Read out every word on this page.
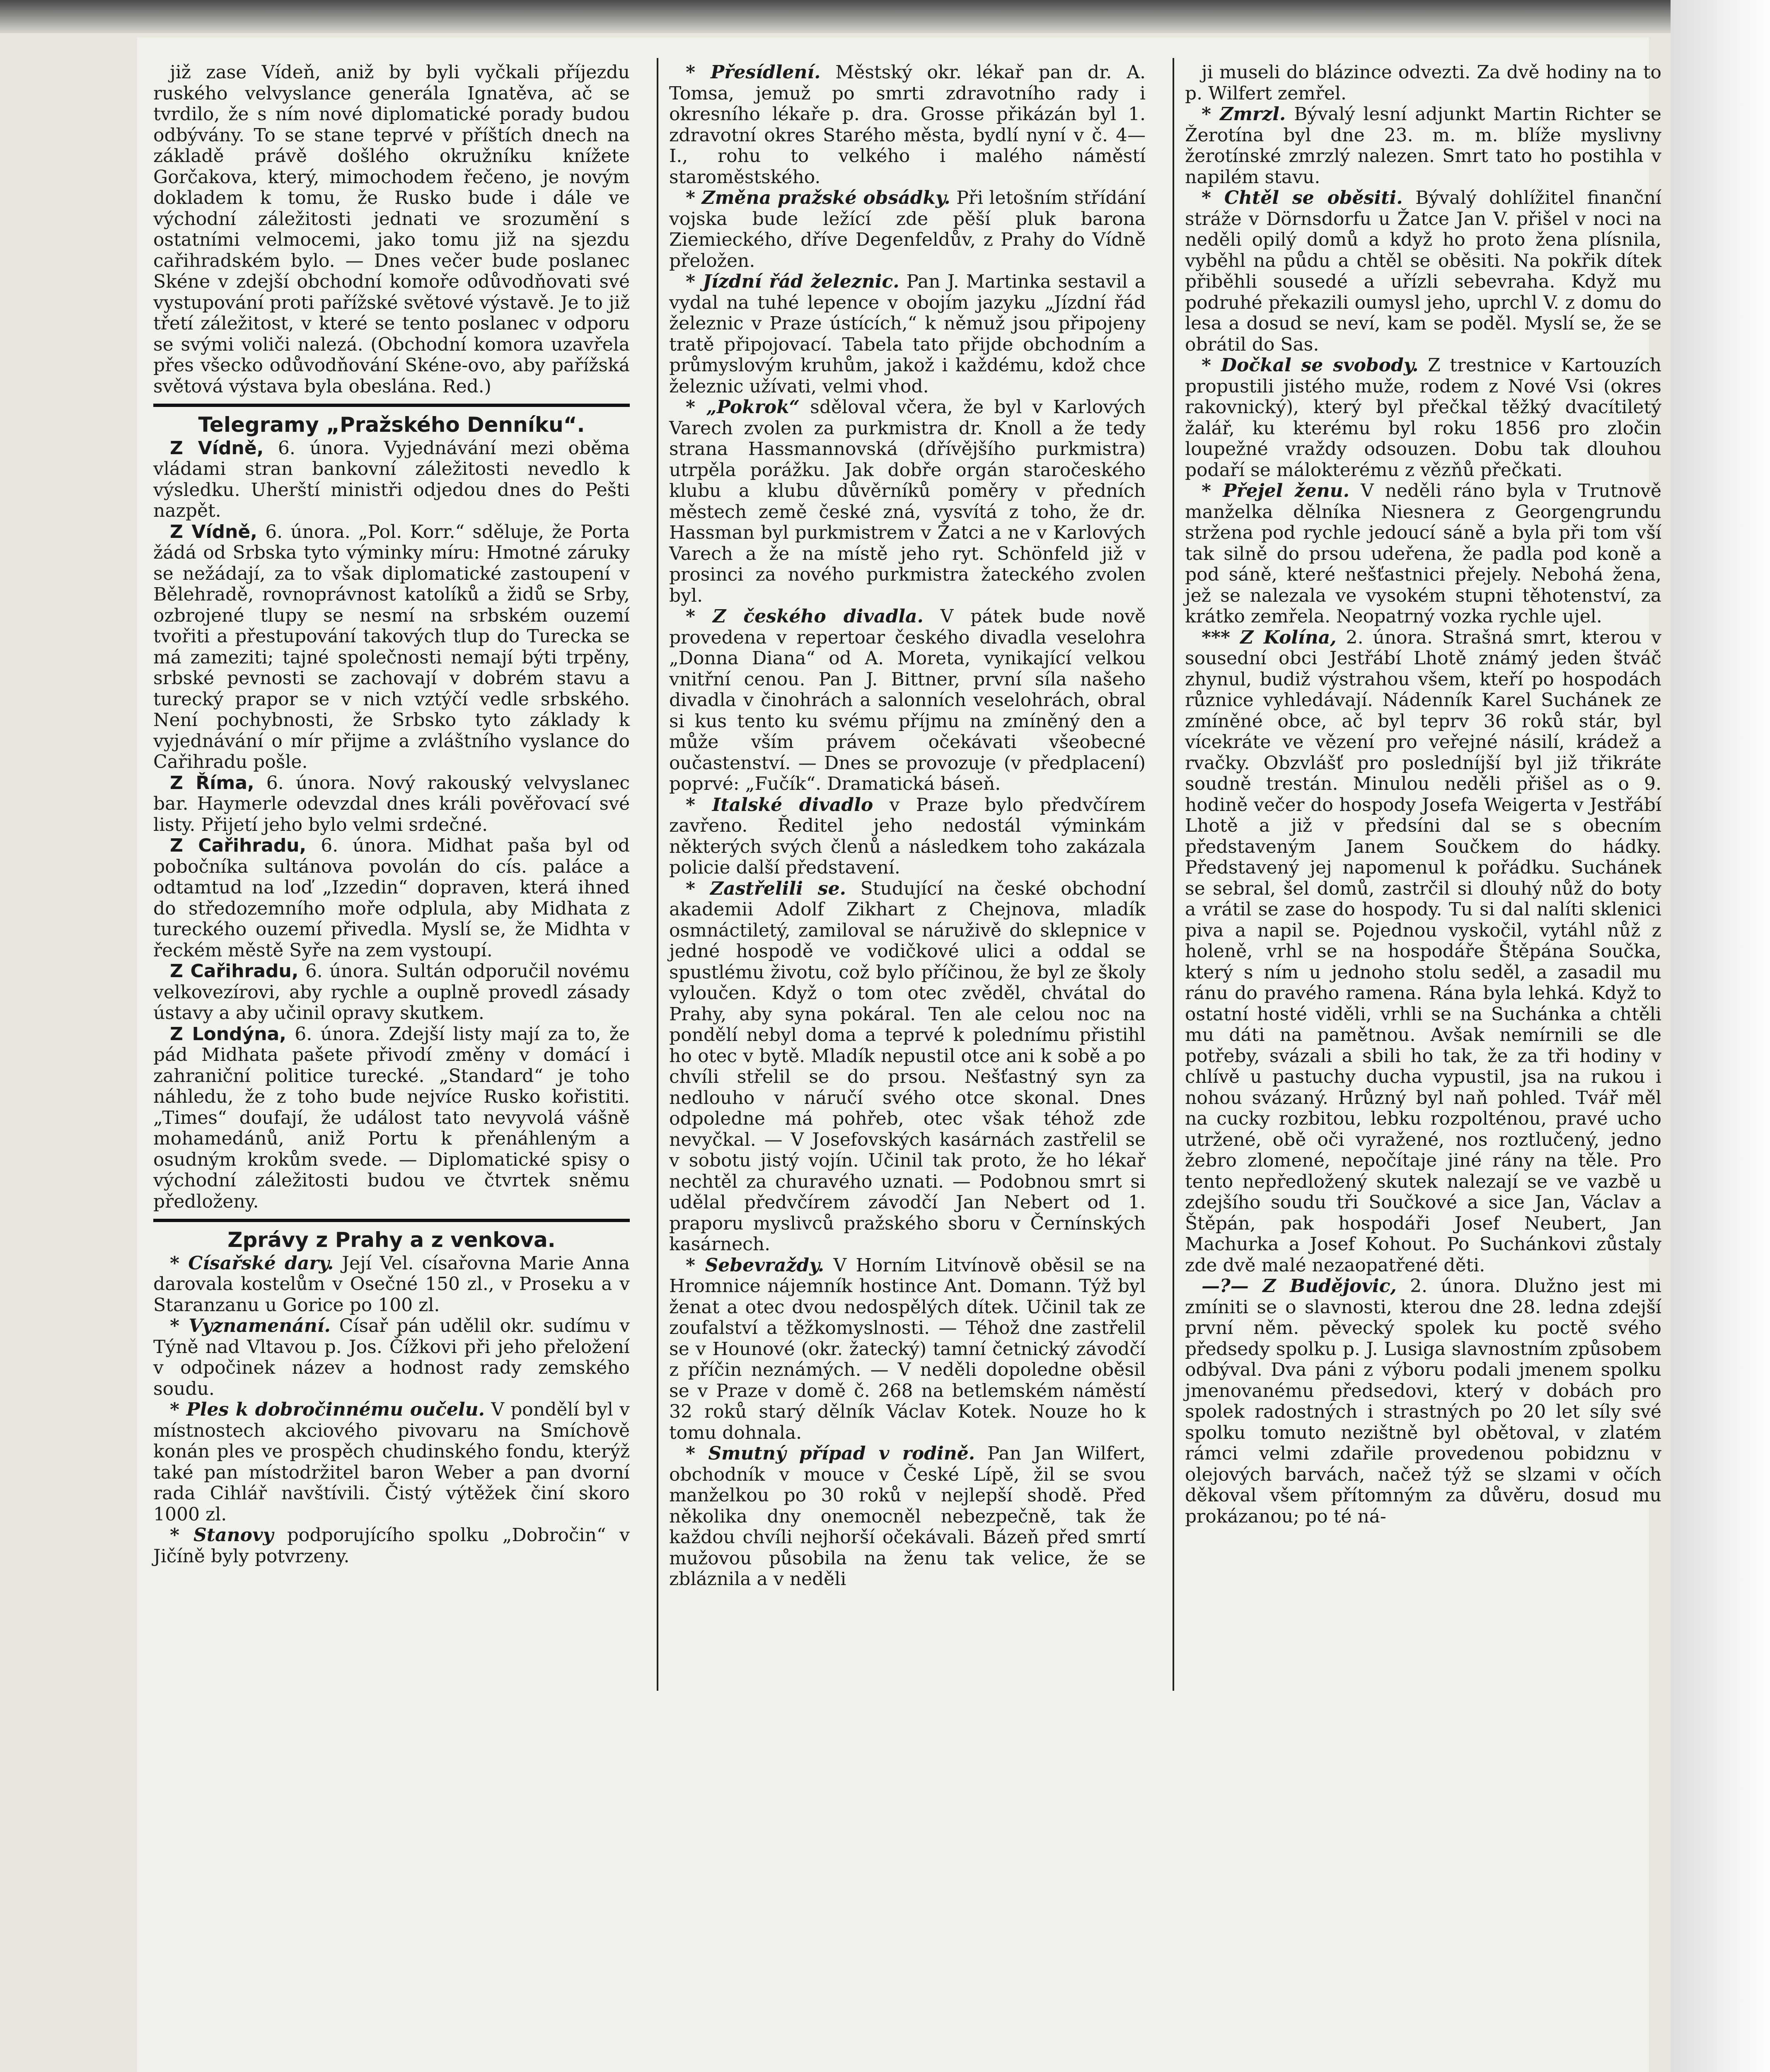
již zase Vídeň, aniž by byli vyčkali příjezdu ruského velvyslance generála Ignatěva, ač se tvrdilo, že s ním nové diplomatické porady budou odbývány. To se stane teprvé v příštích dnech na základě právě došlého okružníku knížete Gorčakova, který, mimochodem řečeno, je novým dokladem k tomu, že Rusko bude i dále ve východní záležitosti jednati ve srozumění s ostatními velmocemi, jako tomu již na sjezdu cařihradském bylo. — Dnes večer bude poslanec Skéne v zdejší obchodní komoře odůvodňovati své vystupování proti pařížské světové výstavě. Je to již třetí záležitost, v které se tento poslanec v odporu se svými voliči nalezá. (Obchodní komora uzavřela přes všecko odůvodňování Skéne-ovo, aby pařížská světová výstava byla obeslána. Red.)

Telegramy „Pražského Denníku“.

Z Vídně, 6. února. Vyjednávání mezi oběma vládami stran bankovní záležitosti nevedlo k výsledku. Uherští ministři odjedou dnes do Pešti nazpět.

Z Vídně, 6. února. „Pol. Korr.“ sděluje, že Porta žádá od Srbska tyto výminky míru: Hmotné záruky se nežádají, za to však diplomatické zastoupení v Bělehradě, rovnoprávnost katolíků a židů se Srby, ozbrojené tlupy se nesmí na srbském ouzemí tvořiti a přestupování takových tlup do Turecka se má zameziti; tajné společnosti nemají býti trpěny, srbské pevnosti se zachovají v dobrém stavu a turecký prapor se v nich vztýčí vedle srbského. Není pochybnosti, že Srbsko tyto základy k vyjednávání o mír přijme a zvláštního vyslance do Cařihradu pošle.

Z Říma, 6. února. Nový rakouský velvyslanec bar. Haymerle odevzdal dnes králi pověřovací své listy. Přijetí jeho bylo velmi srdečné.

Z Cařihradu, 6. února. Midhat paša byl od pobočníka sultánova povolán do cís. paláce a odtamtud na loď „Izzedin“ dopraven, která ihned do středozemního moře odplula, aby Midhata z tureckého ouzemí přivedla. Myslí se, že Midhta v řeckém městě Syře na zem vystoupí.

Z Cařihradu, 6. února. Sultán odporučil novému velkovezírovi, aby rychle a ouplně provedl zásady ústavy a aby učinil opravy skutkem.

Z Londýna, 6. února. Zdejší listy mají za to, že pád Midhata pašete přivodí změny v domácí i zahraniční politice turecké. „Standard“ je toho náhledu, že z toho bude nejvíce Rusko kořistiti. „Times“ doufají, že událost tato nevyvolá vášně mohamedánů, aniž Portu k přenáhleným a osudným krokům svede. — Diplomatické spisy o východní záležitosti budou ve čtvrtek sněmu předloženy.

Zprávy z Prahy a z venkova.

* Císařské dary. Její Vel. císařovna Marie Anna darovala kostelům v Osečné 150 zl., v Proseku a v Staranzanu u Gorice po 100 zl.

* Vyznamenání. Císař pán udělil okr. sudímu v Týně nad Vltavou p. Jos. Čížkovi při jeho přeložení v odpočinek název a hodnost rady zemského soudu.

* Ples k dobročinnému oučelu. V pondělí byl v místnostech akciového pivovaru na Smíchově konán ples ve prospěch chudinského fondu, kterýž také pan místodržitel baron Weber a pan dvorní rada Cihlář navštívili. Čistý výtěžek činí skoro 1000 zl.

* Stanovy podporujícího spolku „Dobročin“ v Jičíně byly potvrzeny.

* Přesídlení. Městský okr. lékař pan dr. A. Tomsa, jemuž po smrti zdravotního rady i okresního lékaře p. dra. Grosse přikázán byl 1. zdravotní okres Starého města, bydlí nyní v č. 4—I., rohu to velkého i malého náměstí staroměstského.

* Změna pražské obsádky. Při letošním střídání vojska bude ležící zde pěší pluk barona Ziemieckého, dříve Degenfeldův, z Prahy do Vídně přeložen.

* Jízdní řád železnic. Pan J. Martinka sestavil a vydal na tuhé lepence v obojím jazyku „Jízdní řád železnic v Praze ústících,“ k němuž jsou připojeny tratě připojovací. Tabela tato přijde obchodním a průmyslovým kruhům, jakož i každému, kdož chce železnic užívati, velmi vhod.

* „Pokrok“ sděloval včera, že byl v Karlových Varech zvolen za purkmistra dr. Knoll a že tedy strana Hassmannovská (dřívějšího purkmistra) utrpěla porážku. Jak dobře orgán staročeského klubu a klubu důvěrníků poměry v předních městech země české zná, vysvítá z toho, že dr. Hassman byl purkmistrem v Žatci a ne v Karlových Varech a že na místě jeho ryt. Schönfeld již v prosinci za nového purkmistra žateckého zvolen byl.

* Z českého divadla. V pátek bude nově provedena v repertoar českého divadla veselohra „Donna Diana“ od A. Moreta, vynikající velkou vnitřní cenou. Pan J. Bittner, první síla našeho divadla v činohrách a salonních veselohrách, obral si kus tento ku svému příjmu na zmíněný den a může vším právem očekávati všeobecné oučastenství. — Dnes se provozuje (v předplacení) poprvé: „Fučík“. Dramatická báseň.

* Italské divadlo v Praze bylo předvčírem zavřeno. Ředitel jeho nedostál výminkám některých svých členů a následkem toho zakázala policie další představení.

* Zastřelili se. Studující na české obchodní akademii Adolf Zikhart z Chejnova, mladík osmnáctiletý, zamiloval se náruživě do sklepnice v jedné hospodě ve vodičkové ulici a oddal se spustlému životu, což bylo příčinou, že byl ze školy vyloučen. Když o tom otec zvěděl, chvátal do Prahy, aby syna pokáral. Ten ale celou noc na pondělí nebyl doma a teprvé k polednímu přistihl ho otec v bytě. Mladík nepustil otce ani k sobě a po chvíli střelil se do prsou. Nešťastný syn za nedlouho v náručí svého otce skonal. Dnes odpoledne má pohřeb, otec však téhož zde nevyčkal. — V Josefovských kasárnách zastřelil se v sobotu jistý vojín. Učinil tak proto, že ho lékař nechtěl za churavého uznati. — Podobnou smrt si udělal předvčírem závodčí Jan Nebert od 1. praporu myslivců pražského sboru v Černínských kasárnech.

* Sebevraždy. V Horním Litvínově oběsil se na Hromnice nájemník hostince Ant. Domann. Týž byl ženat a otec dvou nedospělých dítek. Učinil tak ze zoufalství a těžkomyslnosti. — Téhož dne zastřelil se v Hounové (okr. žatecký) tamní četnický závodčí z příčin neznámých. — V neděli dopoledne oběsil se v Praze v domě č. 268 na betlemském náměstí 32 roků starý dělník Václav Kotek. Nouze ho k tomu dohnala.

* Smutný případ v rodině. Pan Jan Wilfert, obchodník v mouce v České Lípě, žil se svou manželkou po 30 roků v nejlepší shodě. Před několika dny onemocněl nebezpečně, tak že každou chvíli nejhorší očekávali. Bázeň před smrtí mužovou působila na ženu tak velice, že se zbláznila a v neděli

ji museli do blázince odvezti. Za dvě hodiny na to p. Wilfert zemřel.

* Zmrzl. Bývalý lesní adjunkt Martin Richter se Žerotína byl dne 23. m. m. blíže myslivny žerotínské zmrzlý nalezen. Smrt tato ho postihla v napilém stavu.

* Chtěl se oběsiti. Bývalý dohlížitel finanční stráže v Dörnsdorfu u Žatce Jan V. přišel v noci na neděli opilý domů a když ho proto žena plísnila, vyběhl na půdu a chtěl se oběsiti. Na pokřik dítek přiběhli sousedé a uřízli sebevraha. Když mu podruhé překazili oumysl jeho, uprchl V. z domu do lesa a dosud se neví, kam se poděl. Myslí se, že se obrátil do Sas.

* Dočkal se svobody. Z trestnice v Kartouzích propustili jistého muže, rodem z Nové Vsi (okres rakovnický), který byl přečkal těžký dvacítiletý žalář, ku kterému byl roku 1856 pro zločin loupežné vraždy odsouzen. Dobu tak dlouhou podaří se málokterému z vězňů přečkati.

* Přejel ženu. V neděli ráno byla v Trutnově manželka dělníka Niesnera z Georgengrundu stržena pod rychle jedoucí sáně a byla při tom vší tak silně do prsou udeřena, že padla pod koně a pod sáně, které nešťastnici přejely. Nebohá žena, jež se nalezala ve vysokém stupni těhotenství, za krátko zemřela. Neopatrný vozka rychle ujel.

*** Z Kolína, 2. února. Strašná smrt, kterou v sousední obci Jestřábí Lhotě známý jeden štváč zhynul, budiž výstrahou všem, kteří po hospodách různice vyhledávají. Nádenník Karel Suchánek ze zmíněné obce, ač byl teprv 36 roků stár, byl vícekráte ve vězení pro veřejné násilí, krádež a rvačky. Obzvlášť pro posledníjší byl již třikráte soudně trestán. Minulou neděli přišel as o 9. hodině večer do hospody Josefa Weigerta v Jestřábí Lhotě a již v předsíni dal se s obecním představeným Janem Součkem do hádky. Představený jej napomenul k pořádku. Suchánek se sebral, šel domů, zastrčil si dlouhý nůž do boty a vrátil se zase do hospody. Tu si dal nalíti sklenici piva a napil se. Pojednou vyskočil, vytáhl nůž z holeně, vrhl se na hospodáře Štěpána Součka, který s ním u jednoho stolu seděl, a zasadil mu ránu do pravého ramena. Rána byla lehká. Když to ostatní hosté viděli, vrhli se na Suchánka a chtěli mu dáti na pamětnou. Avšak nemírnili se dle potřeby, svázali a sbili ho tak, že za tři hodiny v chlívě u pastuchy ducha vypustil, jsa na rukou i nohou svázaný. Hrůzný byl naň pohled. Tvář měl na cucky rozbitou, lebku rozpolténou, pravé ucho utržené, obě oči vyražené, nos roztlučený, jedno žebro zlomené, nepočítaje jiné rány na těle. Pro tento nepředložený skutek nalezají se ve vazbě u zdejšího soudu tři Součkové a sice Jan, Václav a Štěpán, pak hospodáři Josef Neubert, Jan Machurka a Josef Kohout. Po Suchánkovi zůstaly zde dvě malé nezaopatřené děti.

—?— Z Budějovic, 2. února. Dlužno jest mi zmíniti se o slavnosti, kterou dne 28. ledna zdejší první něm. pěvecký spolek ku poctě svého předsedy spolku p. J. Lusiga slavnostním způsobem odbýval. Dva páni z výboru podali jmenem spolku jmenovanému předsedovi, který v dobách pro spolek radostných i strastných po 20 let síly své spolku tomuto nezištně byl obětoval, v zlatém rámci velmi zdařile provedenou pobidznu v olejových barvách, načež týž se slzami v očích děkoval všem přítomným za důvěru, dosud mu prokázanou; po té ná-
